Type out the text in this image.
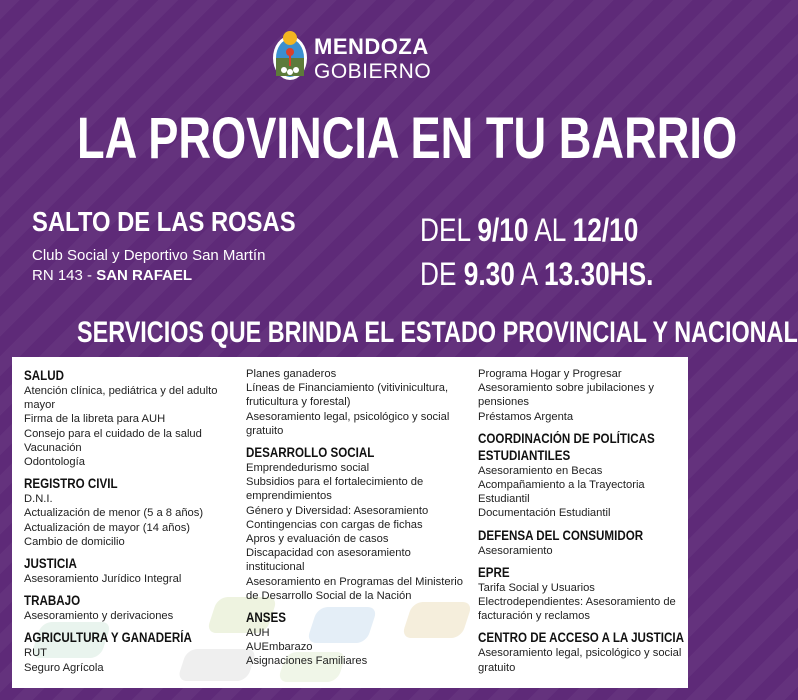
MENDOZA
GOBIERNO
LA PROVINCIA EN TU BARRIO
SALTO DE LAS ROSAS
Club Social y Deportivo San Martín
RN 143 - SAN RAFAEL
DEL 9/10 AL 12/10
DE 9.30 A 13.30HS.
SERVICIOS QUE BRINDA EL ESTADO PROVINCIAL Y NACIONAL
SALUD
Atención clínica, pediátrica y del adulto mayor
Firma de la libreta para AUH
Consejo para el cuidado de la salud
Vacunación
Odontología
REGISTRO CIVIL
D.N.I.
Actualización de menor (5 a 8 años)
Actualización de mayor (14 años)
Cambio de domicilio
JUSTICIA
Asesoramiento Jurídico Integral
TRABAJO
Asesoramiento y derivaciones
AGRICULTURA Y GANADERÍA
RUT
Seguro Agrícola
Planes ganaderos
Líneas de Financiamiento (vitivinicultura, fruticultura y forestal)
Asesoramiento legal, psicológico y social gratuito
DESARROLLO SOCIAL
Emprendedurismo social
Subsidios para el fortalecimiento de emprendimientos
Género y Diversidad: Asesoramiento
Contingencias con cargas de fichas
Apros y evaluación de casos
Discapacidad con asesoramiento institucional
Asesoramiento en Programas del Ministerio de Desarrollo Social de la Nación
ANSES
AUH
AUEmbarazo
Asignaciones Familiares
Programa Hogar y Progresar
Asesoramiento sobre jubilaciones y pensiones
Préstamos Argenta
COORDINACIÓN DE POLÍTICAS ESTUDIANTILES
Asesoramiento en Becas
Acompañamiento a la Trayectoria Estudiantil
Documentación Estudiantil
DEFENSA DEL CONSUMIDOR
Asesoramiento
EPRE
Tarifa Social y Usuarios
Electrodependientes: Asesoramiento de facturación y reclamos
CENTRO DE ACCESO A LA JUSTICIA
Asesoramiento legal, psicológico y social gratuito
